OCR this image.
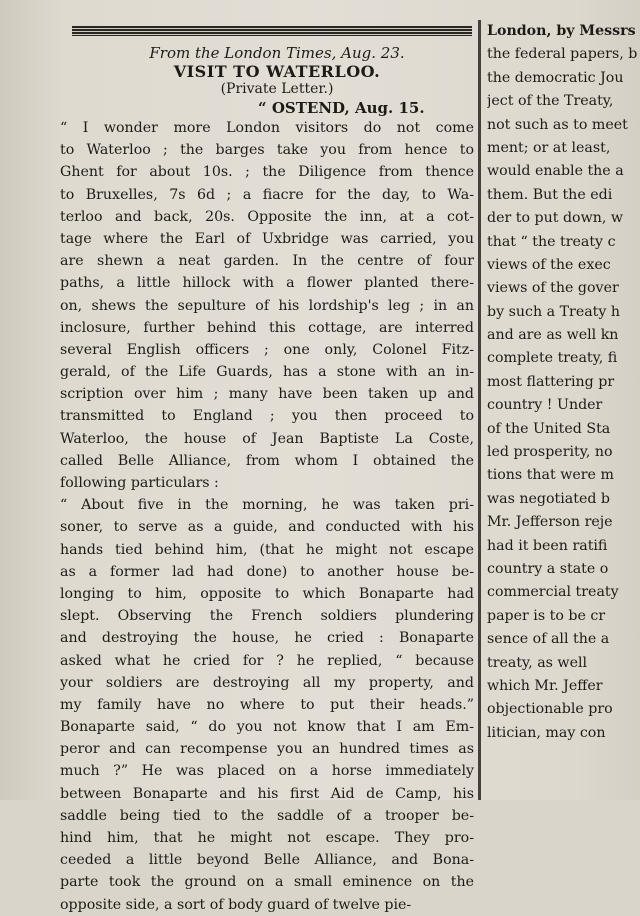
From the London Times, Aug. 23.
VISIT TO WATERLOO.
(Private Letter.)
“ OSTEND, Aug. 15.
“ I wonder more London visitors do not come
to Waterloo ; the barges take you from hence to
Ghent for about 10s. ; the Diligence from thence
to Bruxelles, 7s 6d ; a fiacre for the day, to Wa-
terloo and back, 20s. Opposite the inn, at a cot-
tage where the Earl of Uxbridge was carried, you
are shewn a neat garden. In the centre of four
paths, a little hillock with a flower planted there-
on, shews the sepulture of his lordship's leg ; in an
inclosure, further behind this cottage, are interred
several English officers ; one only, Colonel Fitz-
gerald, of the Life Guards, has a stone with an in-
scription over him ; many have been taken up and
transmitted to England ; you then proceed to
Waterloo, the house of Jean Baptiste La Coste,
called Belle Alliance, from whom I obtained the
following particulars :
“ About five in the morning, he was taken pri-
soner, to serve as a guide, and conducted with his
hands tied behind him, (that he might not escape
as a former lad had done) to another house be-
longing to him, opposite to which Bonaparte had
slept. Observing the French soldiers plundering
and destroying the house, he cried : Bonaparte
asked what he cried for ? he replied, “ because
your soldiers are destroying all my property, and
my family have no where to put their heads.”
Bonaparte said, “ do you not know that I am Em-
peror and can recompense you an hundred times as
much ?” He was placed on a horse immediately
between Bonaparte and his first Aid de Camp, his
saddle being tied to the saddle of a trooper be-
hind him, that he might not escape. They pro-
ceeded a little beyond Belle Alliance, and Bona-
parte took the ground on a small eminence on the
opposite side, a sort of body guard of twelve pie-
London, by Messrs
the federal papers, b
the democratic Jou
ject of the Treaty,
not such as to meet
ment; or at least,
would enable the a
them. But the edi
der to put down, w
that “ the treaty c
views of the exec
views of the gover
by such a Treaty h
and are as well kn
complete treaty, fi
most flattering pr
country ! Under
of the United Sta
led prosperity, no
tions that were m
was negotiated b
Mr. Jefferson reje
had it been ratifi
country a state o
commercial treaty
paper is to be cr
sence of all the a
treaty, as well
which Mr. Jeffer
objectionable pro
litician, may con
